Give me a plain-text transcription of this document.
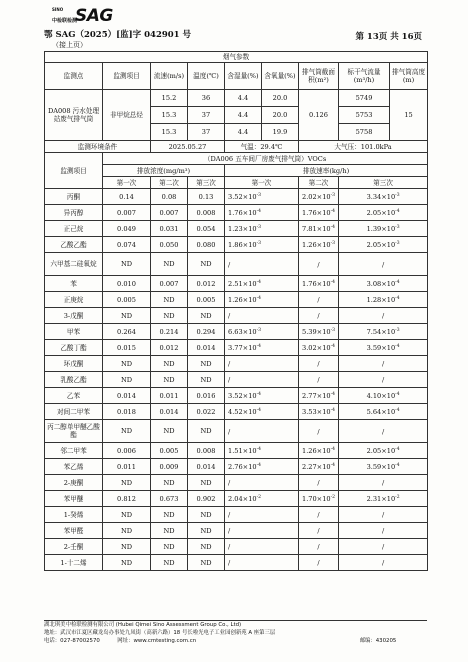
SINO
中检联检测
SAG
鄂 SAG（2025）[监]字 042901 号
（接上页）
第 13页 共 16页
烟气参数								
监测点	监测项目	流速(m/s)	温度(℃)	含湿量(%)	含氧量(%)	排气筒截面积(m²)	标干气流量(m³/h)	排气筒高度(m)
DA008 污水处理站废气排气筒	非甲烷总烃	15.2	36	4.4	20.0	0.126	5749	15
		15.3	37	4.4	20.0		5753	
		15.3	37	4.4	19.9		5758	
监测环境条件		2025.05.27		气温：29.4℃		大气压：101.0kPa		
监测项目	（DA006 五车间厂房废气排气筒）VOCs							
	排放浓度(mg/m³)			排放速率(kg/h)				
	第一次	第二次	第三次	第一次		第二次	第三次	
丙酮	0.14	0.08	0.13	$3.52\times 10^{-3}$		$2.02\times 10^{-3}$	$3.34\times 10^{-3}$
异丙醇	0.007	0.007	0.008	$1.76\times 10^{-4}$		$1.76\times 10^{-4}$	$2.05\times 10^{-4}$
正己烷	0.049	0.031	0.054	$1.23\times 10^{-3}$		$7.81\times 10^{-4}$	$1.39\times 10^{-3}$
乙酸乙酯	0.074	0.050	0.080	$1.86\times 10^{-3}$		$1.26\times 10^{-3}$	$2.05\times 10^{-3}$
六甲基二硅氧烷	ND	ND	ND	/		/	/	
苯	0.010	0.007	0.012	$2.51\times 10^{-4}$		$1.76\times 10^{-4}$	$3.08\times 10^{-4}$
正庚烷	0.005	ND	0.005	$1.26\times 10^{-4}$		/	$1.28\times 10^{-4}$
3-戊酮	ND	ND	ND	/		/	/	
甲苯	0.264	0.214	0.294	$6.63\times 10^{-3}$		$5.39\times 10^{-3}$	$7.54\times 10^{-3}$
乙酸丁酯	0.015	0.012	0.014	$3.77\times 10^{-4}$		$3.02\times 10^{-4}$	$3.59\times 10^{-4}$
环戊酮	ND	ND	ND	/		/	/	
乳酸乙酯	ND	ND	ND	/		/	/	
乙苯	0.014	0.011	0.016	$3.52\times 10^{-4}$		$2.77\times 10^{-4}$	$4.10\times 10^{-4}$
对间二甲苯	0.018	0.014	0.022	$4.52\times 10^{-4}$		$3.53\times 10^{-4}$	$5.64\times 10^{-4}$
丙二醇单甲醚乙酸酯	ND	ND	ND	/		/	/	
邻二甲苯	0.006	0.005	0.008	$1.51\times 10^{-4}$		$1.26\times 10^{-4}$	$2.05\times 10^{-4}$
苯乙烯	0.011	0.009	0.014	$2.76\times 10^{-4}$		$2.27\times 10^{-4}$	$3.59\times 10^{-4}$
2-庚酮	ND	ND	ND	/		/	/	
苯甲醚	0.812	0.673	0.902	$2.04\times 10^{-2}$		$1.70\times 10^{-2}$	$2.31\times 10^{-2}$
1-癸烯	ND	ND	ND	/		/	/	
苯甲醛	ND	ND	ND	/		/	/	
2-壬酮	ND	ND	ND	/		/	/	
1-十二烯	ND	ND	ND	/		/	/	
湖北琪美中检联检测有限公司 (Hubei Qimei Sino Assessment Group Co., Ltd)
地址：武汉市江夏区藏龙岛办事处九凤街（高新六路）18 号长啦光电子工业园创新苑 A 座第三层
电话：027-87002570	网址：www.cmtesting.com.cn	邮编：430205
